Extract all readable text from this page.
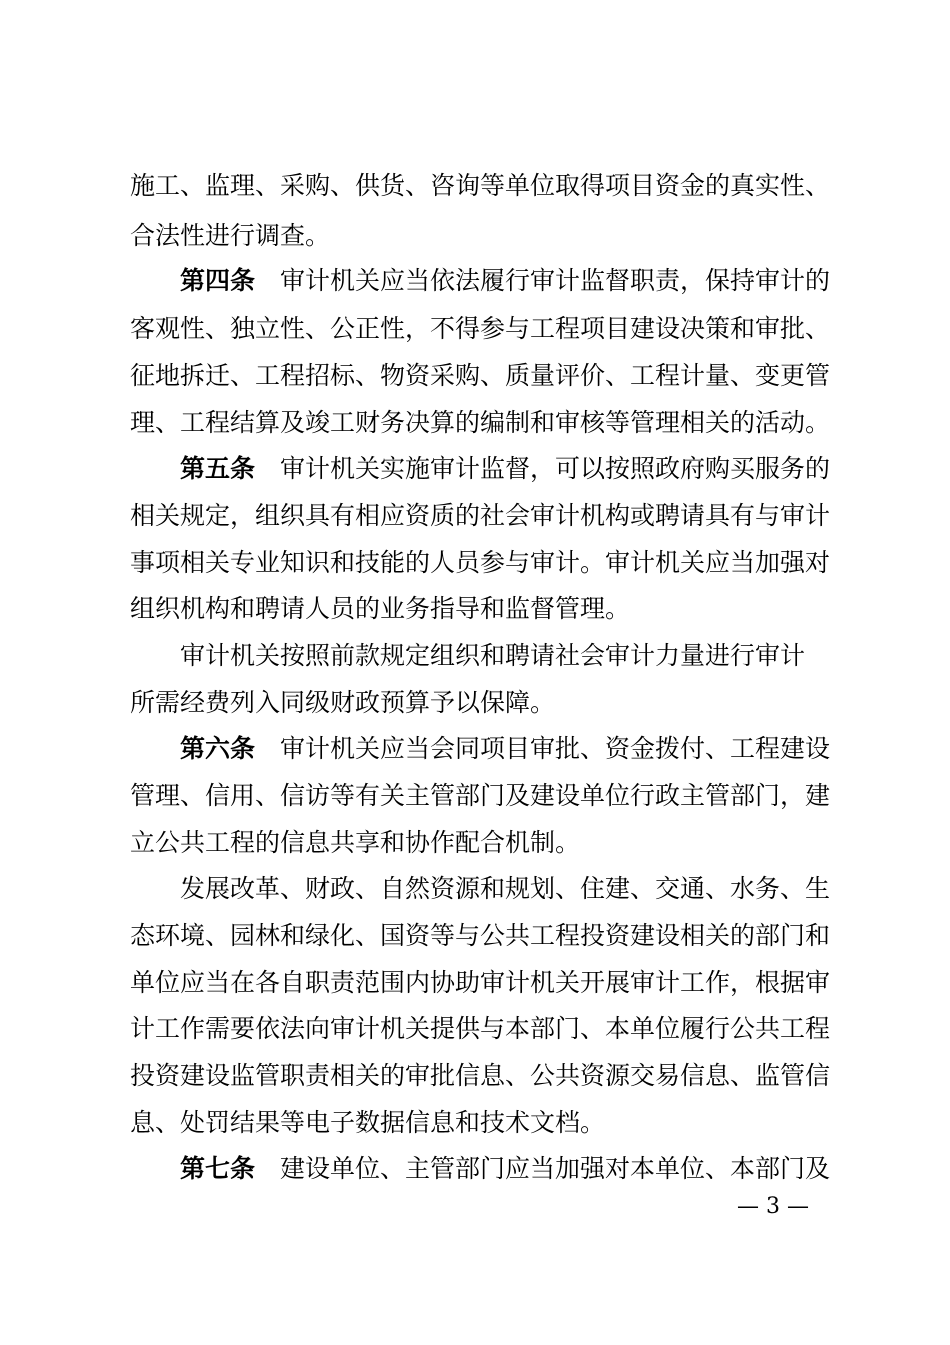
施工、监理、采购、供货、咨询等单位取得项目资金的真实性、
合法性进行调查。
第四条 审计机关应当依法履行审计监督职责，保持审计的
客观性、独立性、公正性，不得参与工程项目建设决策和审批、
征地拆迁、工程招标、物资采购、质量评价、工程计量、变更管
理、工程结算及竣工财务决算的编制和审核等管理相关的活动。
第五条 审计机关实施审计监督，可以按照政府购买服务的
相关规定，组织具有相应资质的社会审计机构或聘请具有与审计
事项相关专业知识和技能的人员参与审计。审计机关应当加强对
组织机构和聘请人员的业务指导和监督管理。
审计机关按照前款规定组织和聘请社会审计力量进行审计
所需经费列入同级财政预算予以保障。
第六条 审计机关应当会同项目审批、资金拨付、工程建设
管理、信用、信访等有关主管部门及建设单位行政主管部门，建
立公共工程的信息共享和协作配合机制。
发展改革、财政、自然资源和规划、住建、交通、水务、生
态环境、园林和绿化、国资等与公共工程投资建设相关的部门和
单位应当在各自职责范围内协助审计机关开展审计工作，根据审
计工作需要依法向审计机关提供与本部门、本单位履行公共工程
投资建设监管职责相关的审批信息、公共资源交易信息、监管信
息、处罚结果等电子数据信息和技术文档。
第七条 建设单位、主管部门应当加强对本单位、本部门及
— 3 —
